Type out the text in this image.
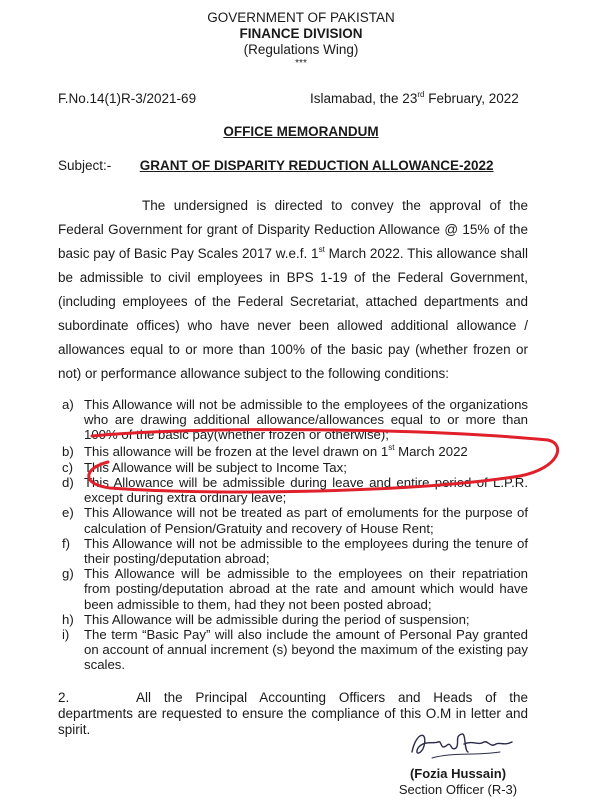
GOVERNMENT OF PAKISTAN
FINANCE DIVISION
(Regulations Wing)
***
F.No.14(1)R-3/2021-69	Islamabad, the 23rd February, 2022
OFFICE MEMORANDUM
Subject:- GRANT OF DISPARITY REDUCTION ALLOWANCE-2022
The undersigned is directed to convey the approval of the Federal Government for grant of Disparity Reduction Allowance @ 15% of the basic pay of Basic Pay Scales 2017 w.e.f. 1st March 2022. This allowance shall be admissible to civil employees in BPS 1-19 of the Federal Government, (including employees of the Federal Secretariat, attached departments and subordinate offices) who have never been allowed additional allowance / allowances equal to or more than 100% of the basic pay (whether frozen or not) or performance allowance subject to the following conditions:
a) This Allowance will not be admissible to the employees of the organizations who are drawing additional allowance/allowances equal to or more than 100% of the basic pay(whether frozen or otherwise);
b) This allowance will be frozen at the level drawn on 1st March 2022
c) This Allowance will be subject to Income Tax;
d) This Allowance will be admissible during leave and entire period of L.P.R. except during extra ordinary leave;
e) This Allowance will not be treated as part of emoluments for the purpose of calculation of Pension/Gratuity and recovery of House Rent;
f) This Allowance will not be admissible to the employees during the tenure of their posting/deputation abroad;
g) This Allowance will be admissible to the employees on their repatriation from posting/deputation abroad at the rate and amount which would have been admissible to them, had they not been posted abroad;
h) This Allowance will be admissible during the period of suspension;
i) The term “Basic Pay” will also include the amount of Personal Pay granted on account of annual increment (s) beyond the maximum of the existing pay scales.
2.	All the Principal Accounting Officers and Heads of the departments are requested to ensure the compliance of this O.M in letter and spirit.
(Fozia Hussain)
Section Officer (R-3)
